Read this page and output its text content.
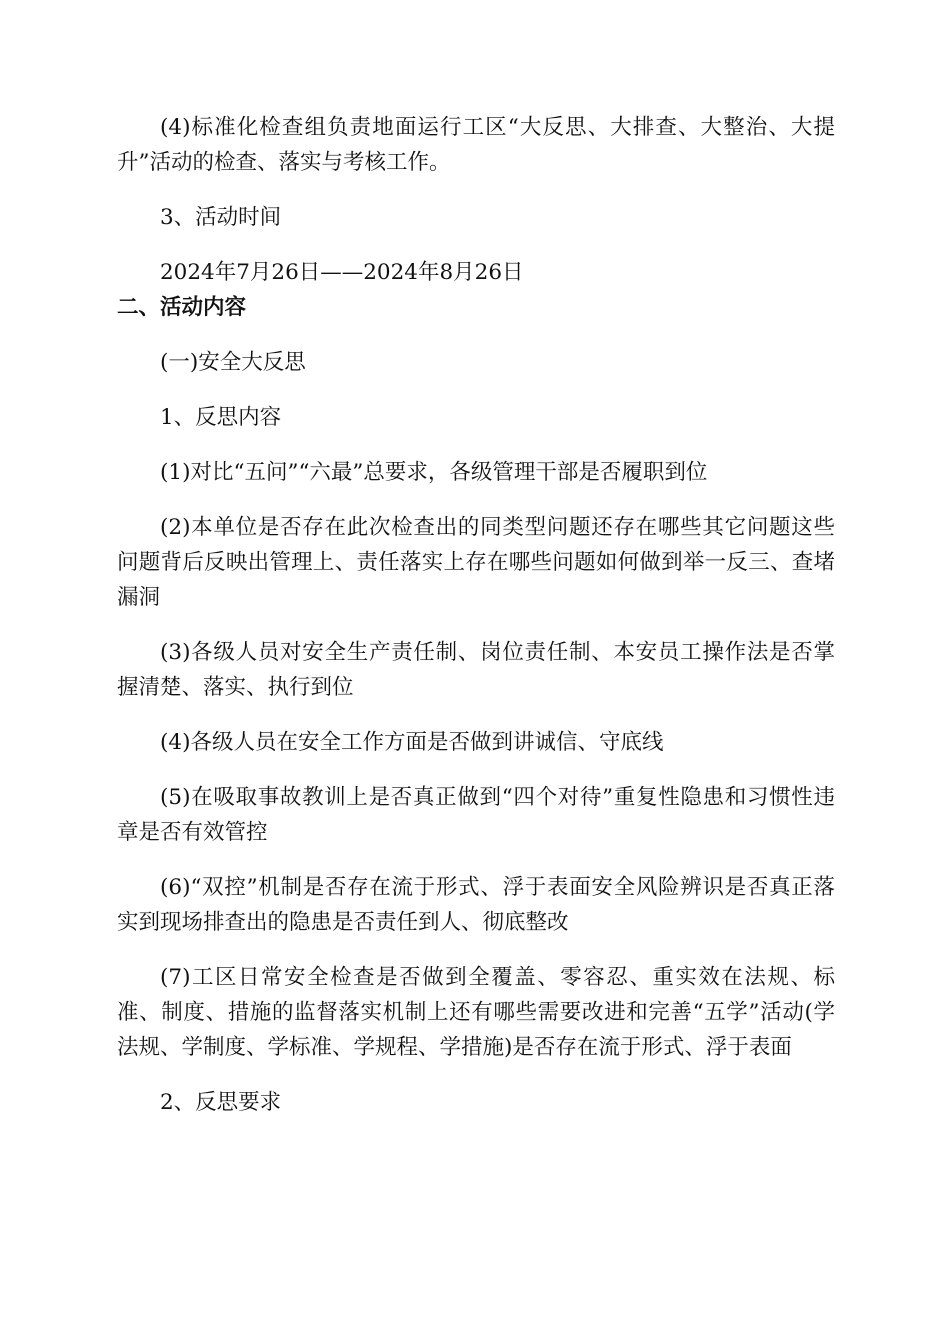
(4)标准化检查组负责地面运行工区“大反思、大排查、大整治、大提升”活动的检查、落实与考核工作。

3、活动时间

2024年7月26日——2024年8月26日

二、活动内容

(一)安全大反思

1、反思内容

(1)对比“五问”“六最”总要求，各级管理干部是否履职到位

(2)本单位是否存在此次检查出的同类型问题还存在哪些其它问题这些问题背后反映出管理上、责任落实上存在哪些问题如何做到举一反三、查堵漏洞

(3)各级人员对安全生产责任制、岗位责任制、本安员工操作法是否掌握清楚、落实、执行到位

(4)各级人员在安全工作方面是否做到讲诚信、守底线

(5)在吸取事故教训上是否真正做到“四个对待”重复性隐患和习惯性违章是否有效管控

(6)“双控”机制是否存在流于形式、浮于表面安全风险辨识是否真正落实到现场排查出的隐患是否责任到人、彻底整改

(7)工区日常安全检查是否做到全覆盖、零容忍、重实效在法规、标准、制度、措施的监督落实机制上还有哪些需要改进和完善“五学”活动(学法规、学制度、学标准、学规程、学措施)是否存在流于形式、浮于表面

2、反思要求
